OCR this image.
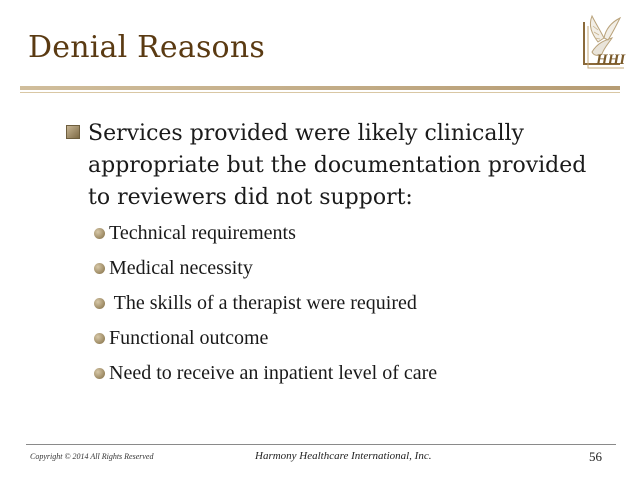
Denial Reasons	HHI
Services provided were likely clinically appropriate but the documentation provided to reviewers did not support:
Technical requirements
Medical necessity
The skills of a therapist were required
Functional outcome
Need to receive an inpatient level of care
Copyright © 2014 All Rights Reserved	Harmony Healthcare International, Inc.	56
